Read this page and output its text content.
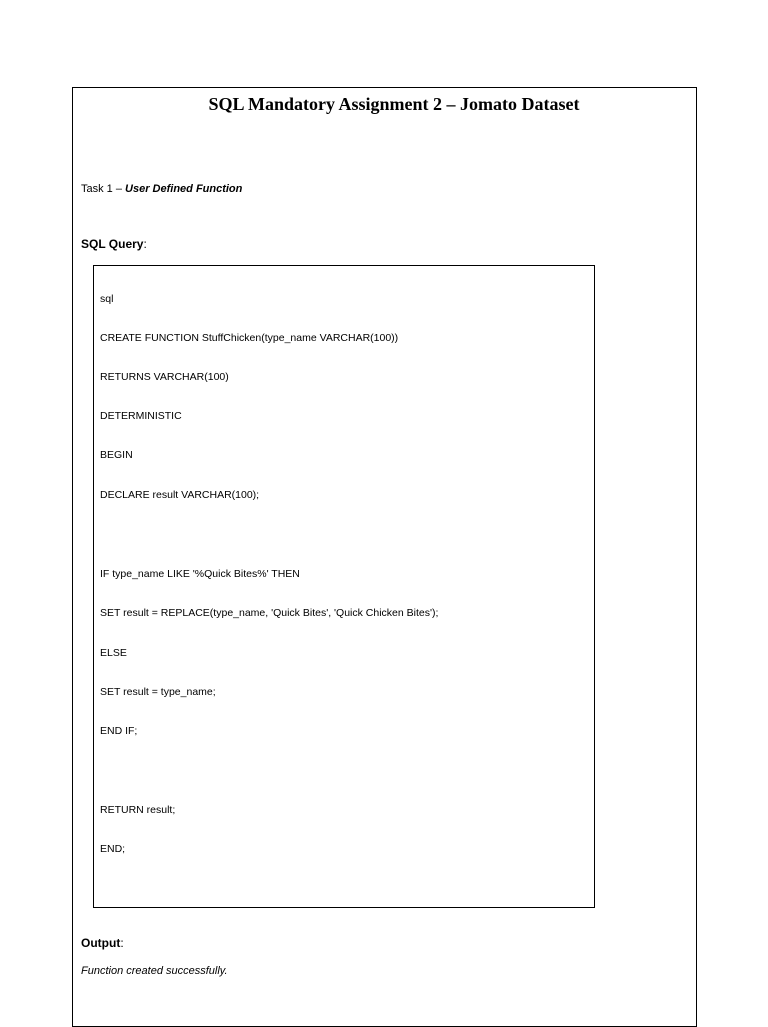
SQL Mandatory Assignment 2 – Jomato Dataset
Task 1 – User Defined Function
SQL Query:
sql
CREATE FUNCTION StuffChicken(type_name VARCHAR(100))
RETURNS VARCHAR(100)
DETERMINISTIC
BEGIN
DECLARE result VARCHAR(100);
IF type_name LIKE '%Quick Bites%' THEN
SET result = REPLACE(type_name, 'Quick Bites', 'Quick Chicken Bites');
ELSE
SET result = type_name;
END IF;
RETURN result;
END;
Output:
Function created successfully.
